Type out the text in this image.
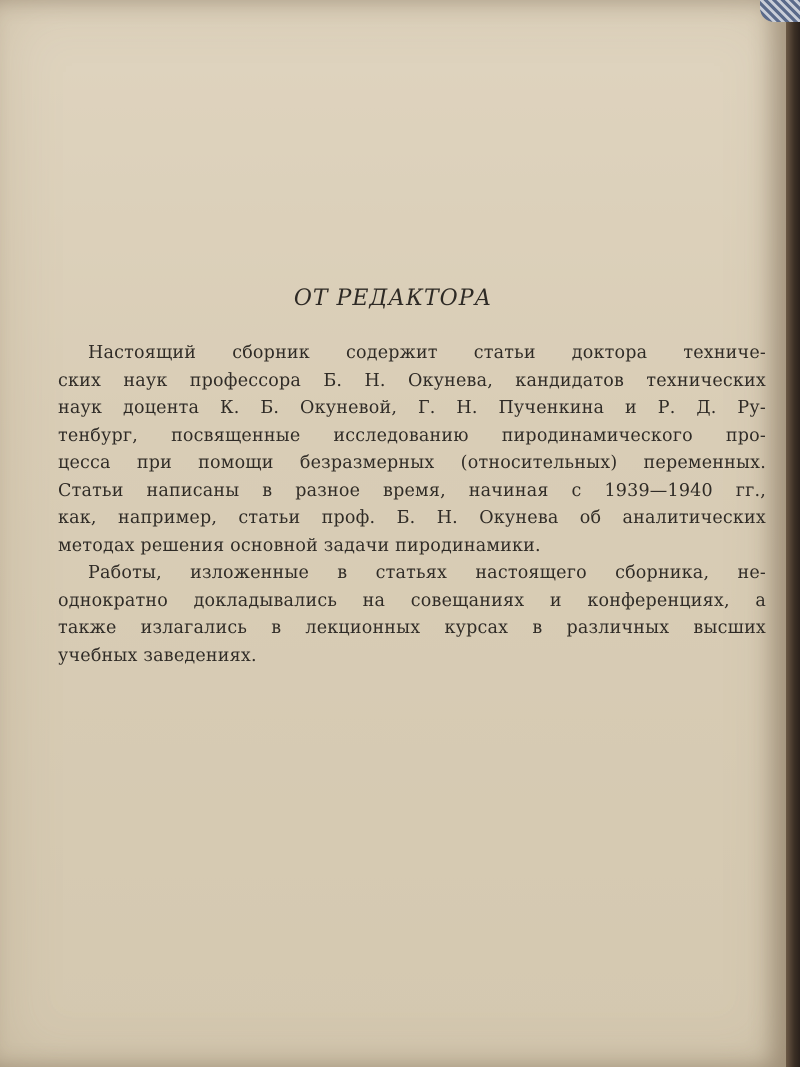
ОТ РЕДАКТОРА
Настоящий сборник содержит статьи доктора техниче-
ских наук профессора Б. Н. Окунева, кандидатов технических
наук доцента К. Б. Окуневой, Г. Н. Пученкина и Р. Д. Ру-
тенбург, посвященные исследованию пиродинамического про-
цесса при помощи безразмерных (относительных) переменных.
Статьи написаны в разное время, начиная с 1939—1940 гг.,
как, например, статьи проф. Б. Н. Окунева об аналитических
методах решения основной задачи пиродинамики.
Работы, изложенные в статьях настоящего сборника, не-
однократно докладывались на совещаниях и конференциях, а
также излагались в лекционных курсах в различных высших
учебных заведениях.
